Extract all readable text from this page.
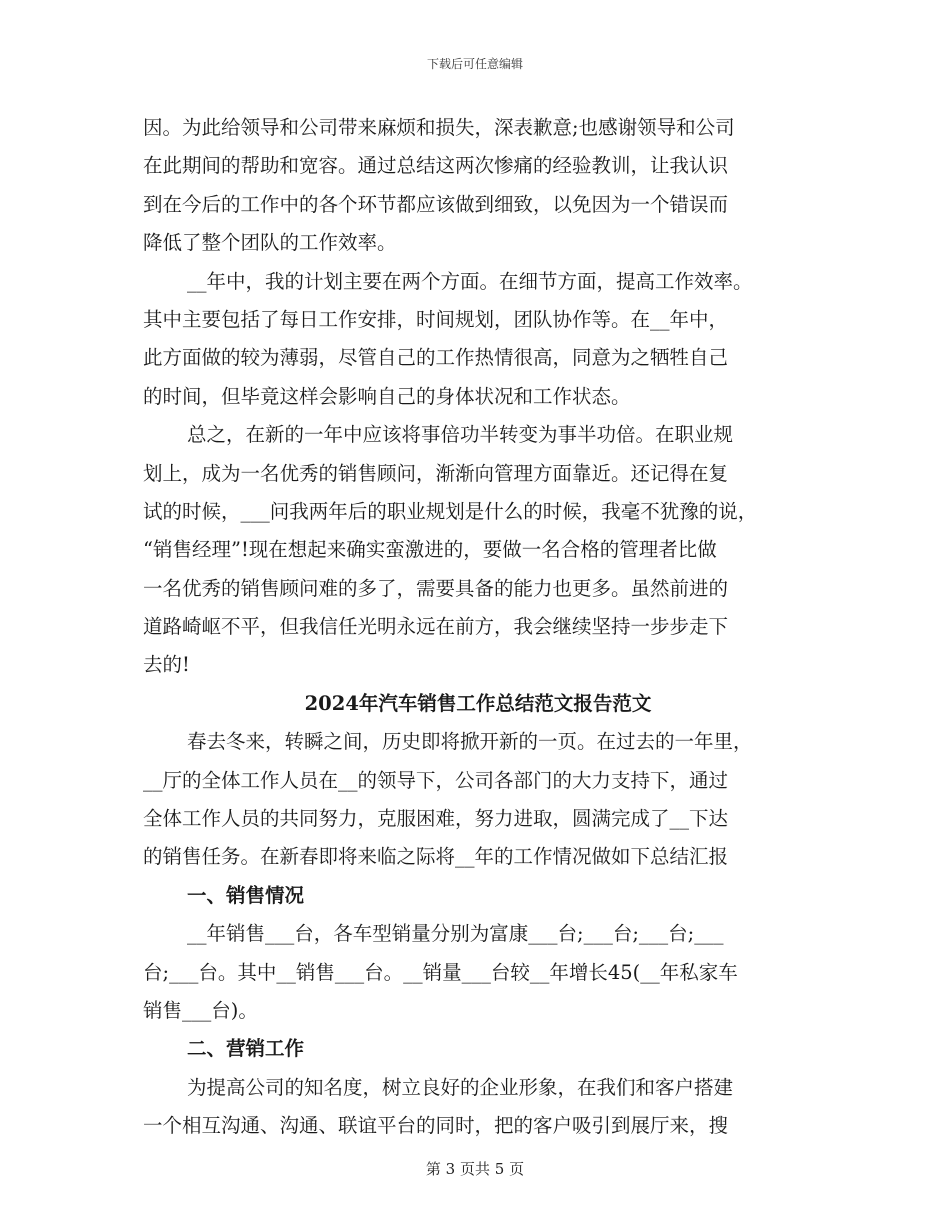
下载后可任意编辑
因。为此给领导和公司带来麻烦和损失，深表歉意;也感谢领导和公司
在此期间的帮助和宽容。通过总结这两次惨痛的经验教训，让我认识
到在今后的工作中的各个环节都应该做到细致，以免因为一个错误而
降低了整个团队的工作效率。
__年中，我的计划主要在两个方面。在细节方面，提高工作效率。
其中主要包括了每日工作安排，时间规划，团队协作等。在__年中，
此方面做的较为薄弱，尽管自己的工作热情很高，同意为之牺牲自己
的时间，但毕竟这样会影响自己的身体状况和工作状态。
总之，在新的一年中应该将事倍功半转变为事半功倍。在职业规
划上，成为一名优秀的销售顾问，渐渐向管理方面靠近。还记得在复
试的时候，___问我两年后的职业规划是什么的时候，我毫不犹豫的说，
“销售经理”!现在想起来确实蛮激进的，要做一名合格的管理者比做
一名优秀的销售顾问难的多了，需要具备的能力也更多。虽然前进的
道路崎岖不平，但我信任光明永远在前方，我会继续坚持一步步走下
去的!
2024年汽车销售工作总结范文报告范文
春去冬来，转瞬之间，历史即将掀开新的一页。在过去的一年里，
__厅的全体工作人员在__的领导下，公司各部门的大力支持下，通过
全体工作人员的共同努力，克服困难，努力进取，圆满完成了__下达
的销售任务。在新春即将来临之际将__年的工作情况做如下总结汇报
一、销售情况
__年销售___台，各车型销量分别为富康___台;___台;___台;___
台;___台。其中__销售___台。__销量___台较__年增长45(__年私家车
销售___台)。
二、营销工作
为提高公司的知名度，树立良好的企业形象，在我们和客户搭建
一个相互沟通、沟通、联谊平台的同时，把的客户吸引到展厅来，搜
第 3 页共 5 页
